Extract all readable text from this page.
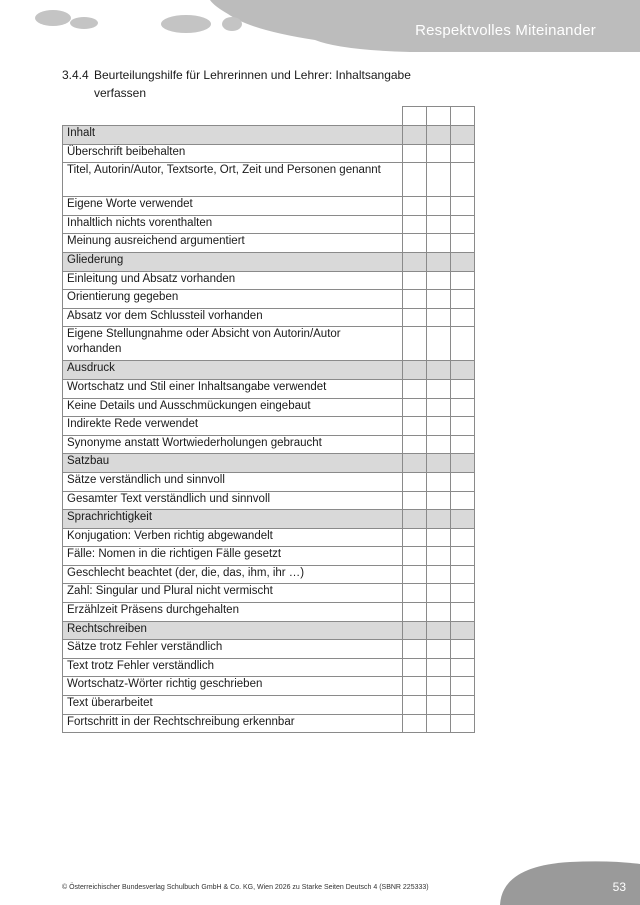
Respektvolles Miteinander
3.4.4 Beurteilungshilfe für Lehrerinnen und Lehrer: Inhaltsangabe
verfassen

Inhalt			
Überschrift beibehalten			
Titel, Autorin/Autor, Textsorte, Ort, Zeit und Personen genannt			
Eigene Worte verwendet			
Inhaltlich nichts vorenthalten			
Meinung ausreichend argumentiert			
Gliederung			
Einleitung und Absatz vorhanden			
Orientierung gegeben			
Absatz vor dem Schlussteil vorhanden			
Eigene Stellungnahme oder Absicht von Autorin/Autor vorhanden			
Ausdruck			
Wortschatz und Stil einer Inhaltsangabe verwendet			
Keine Details und Ausschmückungen eingebaut			
Indirekte Rede verwendet			
Synonyme anstatt Wortwiederholungen gebraucht			
Satzbau			
Sätze verständlich und sinnvoll			
Gesamter Text verständlich und sinnvoll			
Sprachrichtigkeit			
Konjugation: Verben richtig abgewandelt			
Fälle: Nomen in die richtigen Fälle gesetzt			
Geschlecht beachtet (der, die, das, ihm, ihr …)			
Zahl: Singular und Plural nicht vermischt			
Erzählzeit Präsens durchgehalten			
Rechtschreiben			
Sätze trotz Fehler verständlich			
Text trotz Fehler verständlich			
Wortschatz-Wörter richtig geschrieben			
Text überarbeitet			
Fortschritt in der Rechtschreibung erkennbar			
53
© Österreichischer Bundesverlag Schulbuch GmbH & Co. KG, Wien 2026 zu Starke Seiten Deutsch 4 (SBNR 225333)
